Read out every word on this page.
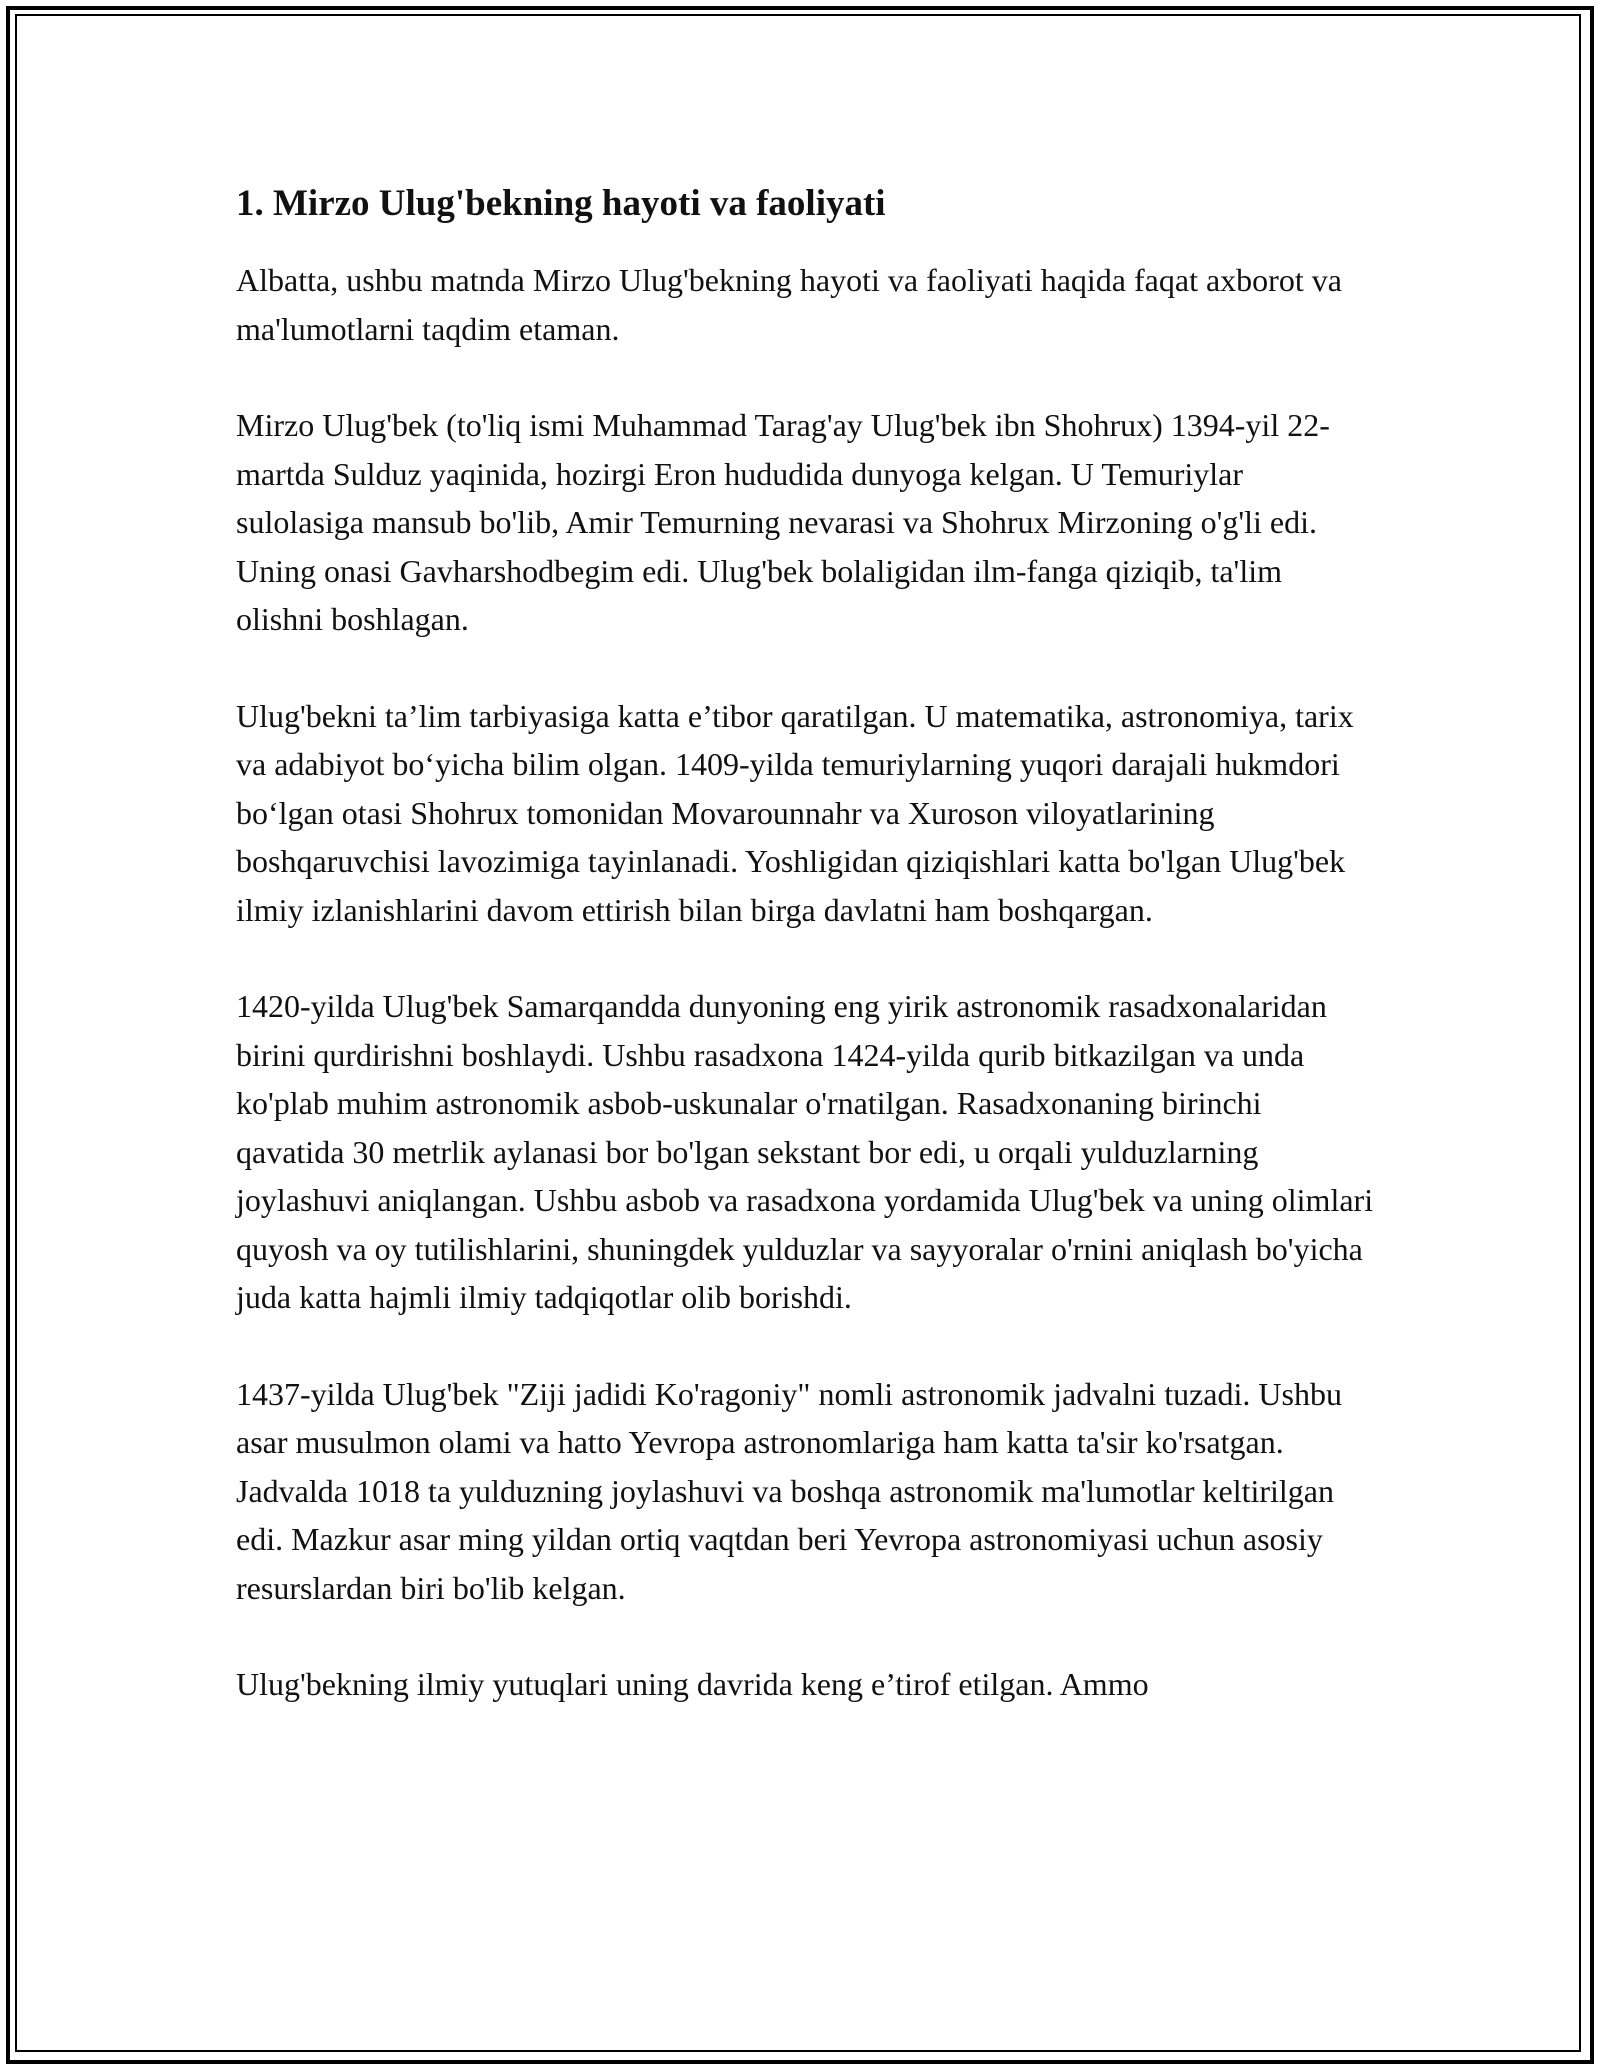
1. Mirzo Ulug'bekning hayoti va faoliyati

Albatta, ushbu matnda Mirzo Ulug'bekning hayoti va faoliyati haqida faqat axborot va ma'lumotlarni taqdim etaman.

Mirzo Ulug'bek (to'liq ismi Muhammad Tarag'ay Ulug'bek ibn Shohrux) 1394-yil 22-martda Sulduz yaqinida, hozirgi Eron hududida dunyoga kelgan. U Temuriylar sulolasiga mansub bo'lib, Amir Temurning nevarasi va Shohrux Mirzoning o'g'li edi. Uning onasi Gavharshodbegim edi. Ulug'bek bolaligidan ilm-fanga qiziqib, ta'lim olishni boshlagan.

Ulug'bekni ta’lim tarbiyasiga katta e’tibor qaratilgan. U matematika, astronomiya, tarix va adabiyot bo‘yicha bilim olgan. 1409-yilda temuriylarning yuqori darajali hukmdori bo‘lgan otasi Shohrux tomonidan Movarounnahr va Xuroson viloyatlarining boshqaruvchisi lavozimiga tayinlanadi. Yoshligidan qiziqishlari katta bo'lgan Ulug'bek ilmiy izlanishlarini davom ettirish bilan birga davlatni ham boshqargan.

1420-yilda Ulug'bek Samarqandda dunyoning eng yirik astronomik rasadxonalaridan birini qurdirishni boshlaydi. Ushbu rasadxona 1424-yilda qurib bitkazilgan va unda ko'plab muhim astronomik asbob-uskunalar o'rnatilgan. Rasadxonaning birinchi qavatida 30 metrlik aylanasi bor bo'lgan sekstant bor edi, u orqali yulduzlarning joylashuvi aniqlangan. Ushbu asbob va rasadxona yordamida Ulug'bek va uning olimlari quyosh va oy tutilishlarini, shuningdek yulduzlar va sayyoralar o'rnini aniqlash bo'yicha juda katta hajmli ilmiy tadqiqotlar olib borishdi.

1437-yilda Ulug'bek "Ziji jadidi Ko'ragoniy" nomli astronomik jadvalni tuzadi. Ushbu asar musulmon olami va hatto Yevropa astronomlariga ham katta ta'sir ko'rsatgan. Jadvalda 1018 ta yulduzning joylashuvi va boshqa astronomik ma'lumotlar keltirilgan edi. Mazkur asar ming yildan ortiq vaqtdan beri Yevropa astronomiyasi uchun asosiy resurslardan biri bo'lib kelgan.

Ulug'bekning ilmiy yutuqlari uning davrida keng e’tirof etilgan. Ammo
